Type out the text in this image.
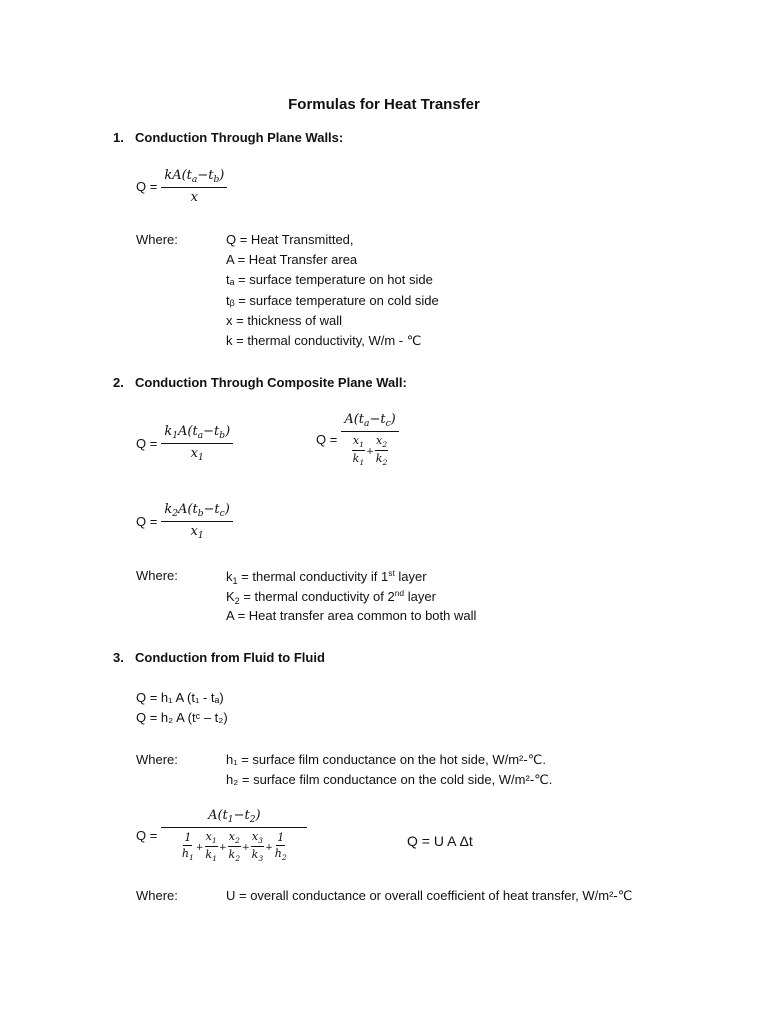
Formulas for Heat Transfer
1. Conduction Through Plane Walls:
$Q = \frac{kA(t_a-t_b)}{x}$
Where:	Q = Heat Transmitted,
A = Heat Transfer area
tₐ = surface temperature on hot side
tᵦ = surface temperature on cold side
x = thickness of wall
k = thermal conductivity, W/m - ℃
2. Conduction Through Composite Plane Wall:
$Q = \frac{k_1A(t_a-t_b)}{x_1}$	$Q = \frac{A(t_a-t_c)}{\frac{x_1}{k_1} + \frac{x_2}{k_2}}$
$Q = \frac{k_2A(t_b-t_c)}{x_1}$
Where:	$k_1$ = thermal conductivity if 1st layer
$K_2$ = thermal conductivity of 2nd layer
A = Heat transfer area common to both wall
3. Conduction from Fluid to Fluid
Q = h₁ A (t₁ - tₐ)
Q = h₂ A (tᶜ – t₂)
Where:	h₁ = surface film conductance on the hot side, W/m²-℃.
h₂ = surface film conductance on the cold side, W/m²-℃.
$Q = \frac{A(t_1-t_2)}{\frac{1}{h_1} + \frac{x_1}{k_1} + \frac{x_2}{k_2} + \frac{x_3}{k_3} + \frac{1}{h_2}}$	Q = U A Δt
Where:	U = overall conductance or overall coefficient of heat transfer, W/m²-℃
